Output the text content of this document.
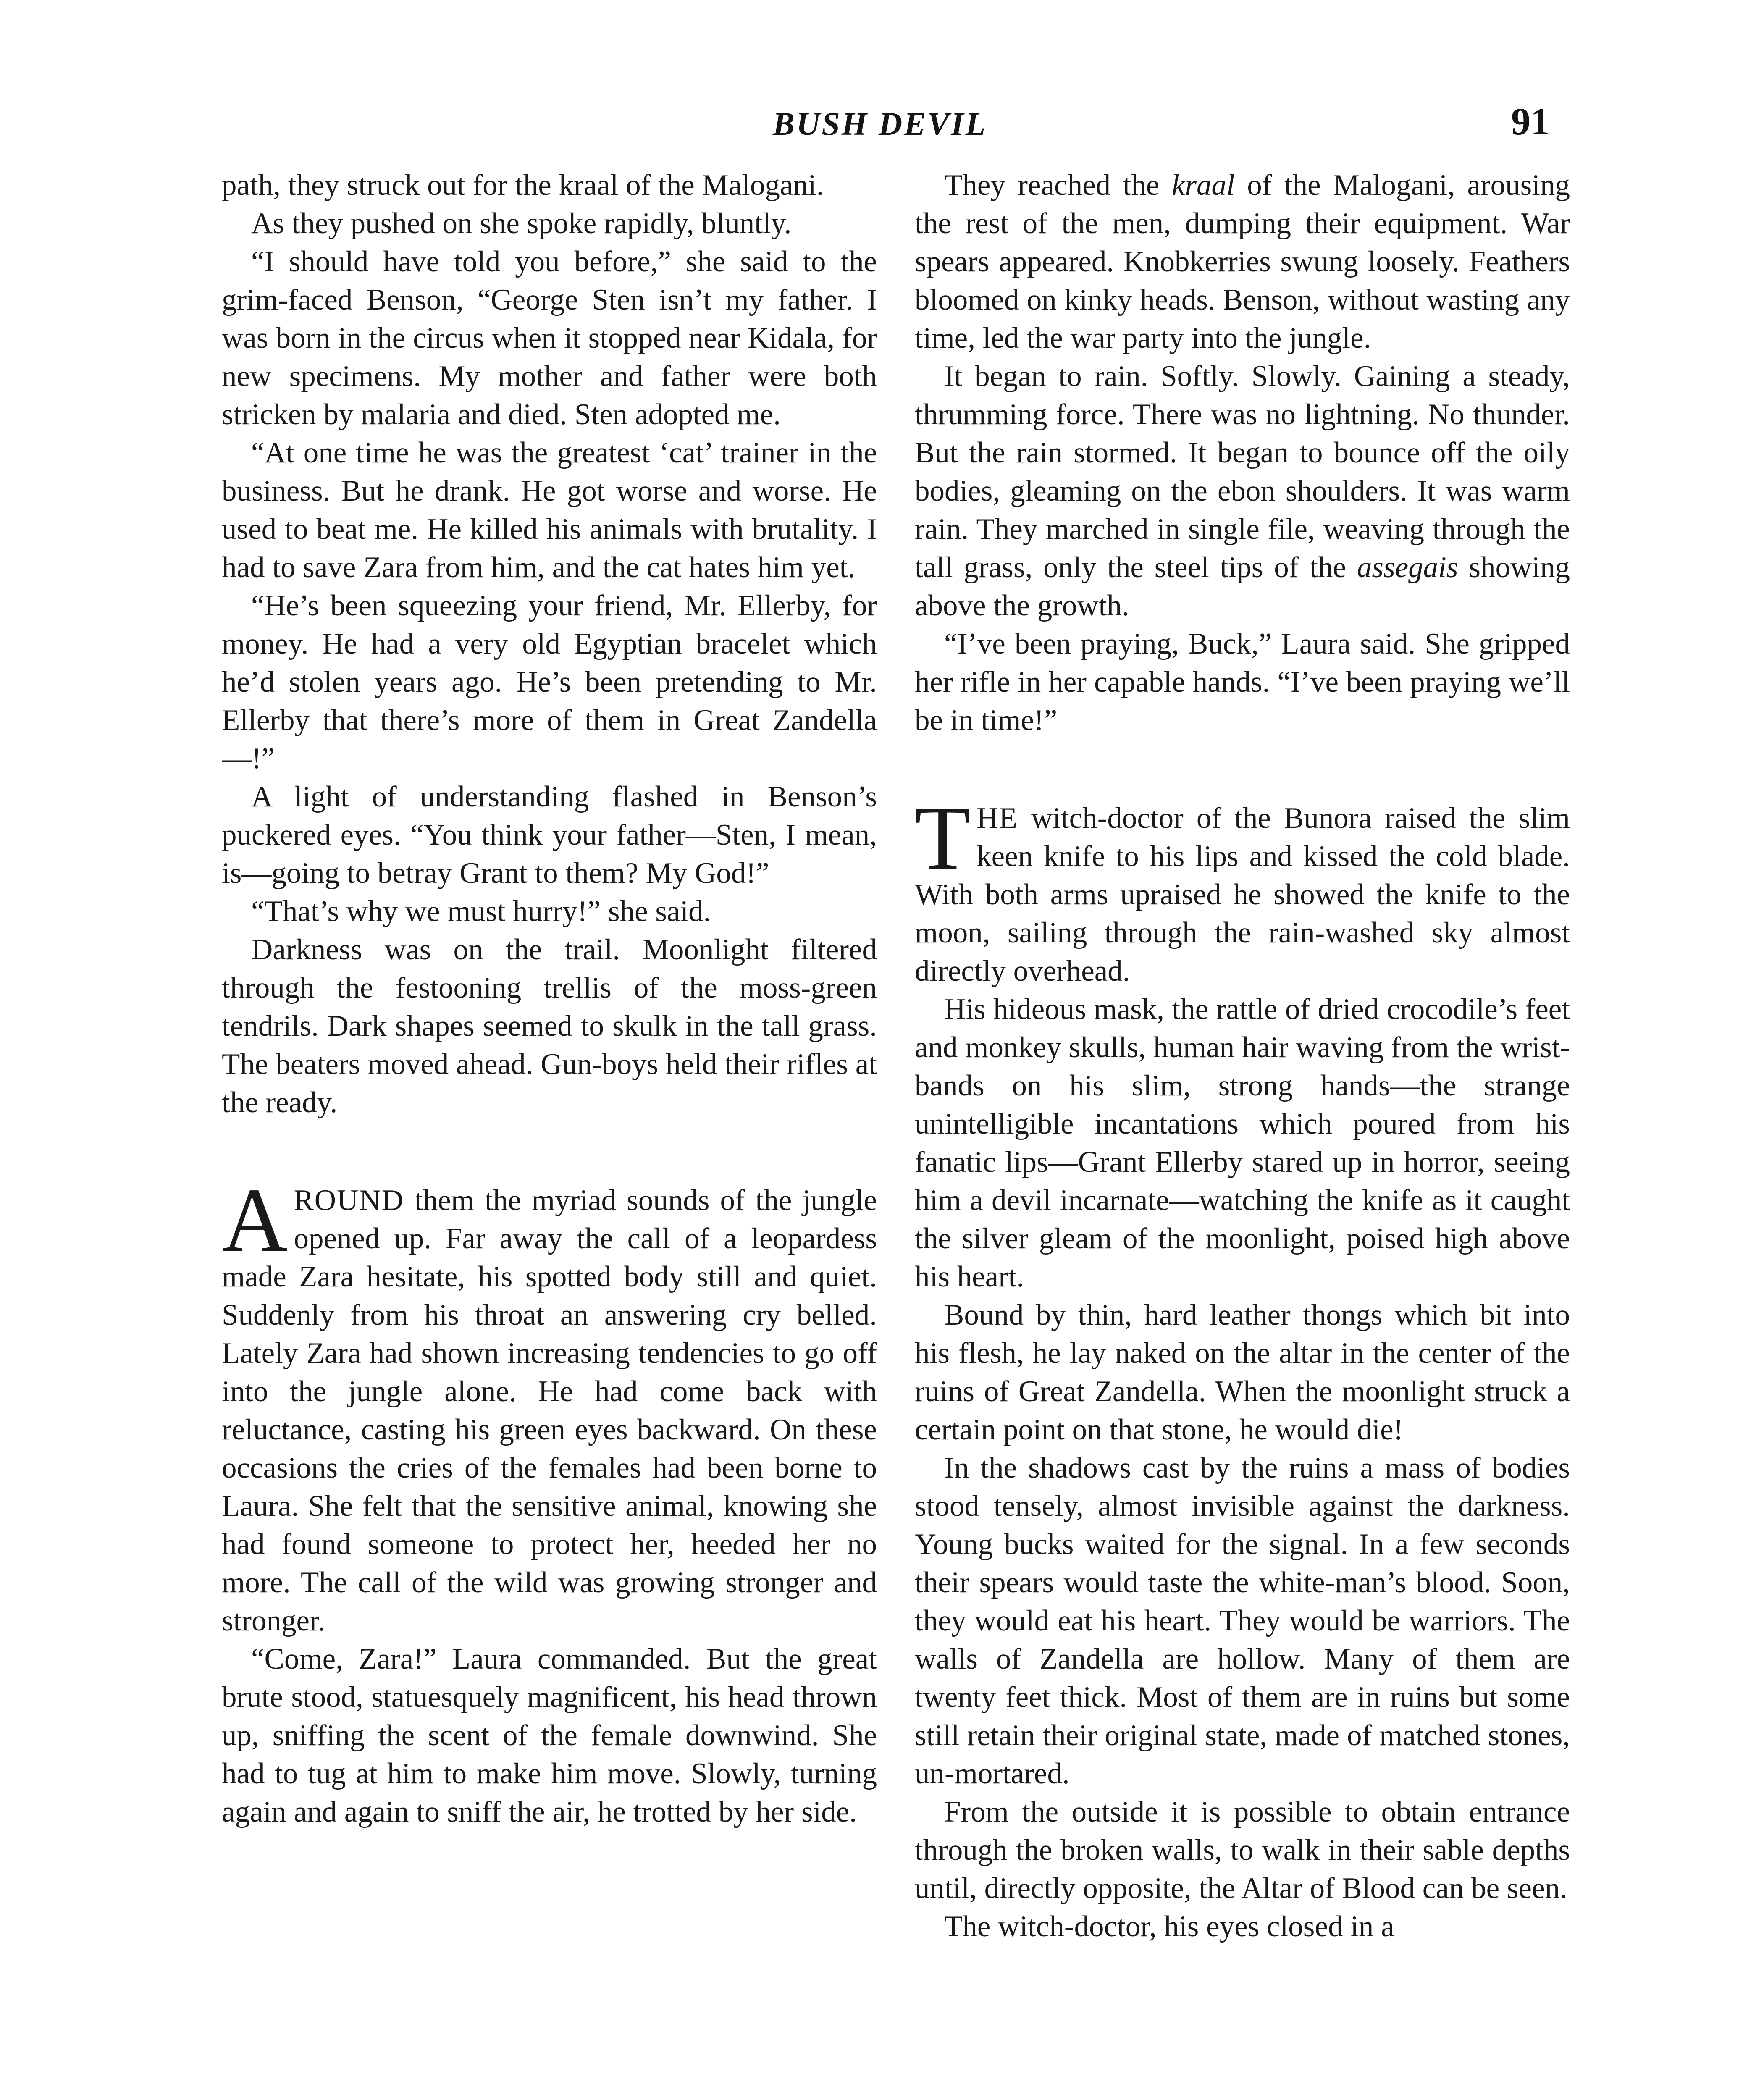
BUSH DEVIL	91

path, they struck out for the kraal of the Malogani.

As they pushed on she spoke rapidly, bluntly.

“I should have told you before,” she said to the grim-faced Benson, “George Sten isn’t my father. I was born in the circus when it stopped near Kidala, for new specimens. My mother and father were both stricken by malaria and died. Sten adopted me.

“At one time he was the greatest ‘cat’ trainer in the business. But he drank. He got worse and worse. He used to beat me. He killed his animals with brutality. I had to save Zara from him, and the cat hates him yet.

“He’s been squeezing your friend, Mr. Ellerby, for money. He had a very old Egyptian bracelet which he’d stolen years ago. He’s been pretending to Mr. Ellerby that there’s more of them in Great Zandella—!”

A light of understanding flashed in Benson’s puckered eyes. “You think your father—Sten, I mean, is—going to betray Grant to them? My God!”

“That’s why we must hurry!” she said.

Darkness was on the trail. Moonlight filtered through the festooning trellis of the moss-green tendrils. Dark shapes seemed to skulk in the tall grass. The beaters moved ahead. Gun-boys held their rifles at the ready.

AROUND them the myriad sounds of the jungle opened up. Far away the call of a leopardess made Zara hesitate, his spotted body still and quiet. Suddenly from his throat an answering cry belled. Lately Zara had shown increasing tendencies to go off into the jungle alone. He had come back with reluctance, casting his green eyes backward. On these occasions the cries of the females had been borne to Laura. She felt that the sensitive animal, knowing she had found someone to protect her, heeded her no more. The call of the wild was growing stronger and stronger.

“Come, Zara!” Laura commanded. But the great brute stood, statuesquely magnificent, his head thrown up, sniffing the scent of the female downwind. She had to tug at him to make him move. Slowly, turning again and again to sniff the air, he trotted by her side.

They reached the kraal of the Malogani, arousing the rest of the men, dumping their equipment. War spears appeared. Knobkerries swung loosely. Feathers bloomed on kinky heads. Benson, without wasting any time, led the war party into the jungle.

It began to rain. Softly. Slowly. Gaining a steady, thrumming force. There was no lightning. No thunder. But the rain stormed. It began to bounce off the oily bodies, gleaming on the ebon shoulders. It was warm rain. They marched in single file, weaving through the tall grass, only the steel tips of the assegais showing above the growth.

“I’ve been praying, Buck,” Laura said. She gripped her rifle in her capable hands. “I’ve been praying we’ll be in time!”

THE witch-doctor of the Bunora raised the slim keen knife to his lips and kissed the cold blade. With both arms upraised he showed the knife to the moon, sailing through the rain-washed sky almost directly overhead.

His hideous mask, the rattle of dried crocodile’s feet and monkey skulls, human hair waving from the wrist-bands on his slim, strong hands—the strange unintelligible incantations which poured from his fanatic lips—Grant Ellerby stared up in horror, seeing him a devil incarnate—watching the knife as it caught the silver gleam of the moonlight, poised high above his heart.

Bound by thin, hard leather thongs which bit into his flesh, he lay naked on the altar in the center of the ruins of Great Zandella. When the moonlight struck a certain point on that stone, he would die!

In the shadows cast by the ruins a mass of bodies stood tensely, almost invisible against the darkness. Young bucks waited for the signal. In a few seconds their spears would taste the white-man’s blood. Soon, they would eat his heart. They would be warriors. The walls of Zandella are hollow. Many of them are twenty feet thick. Most of them are in ruins but some still retain their original state, made of matched stones, un-mortared.

From the outside it is possible to obtain entrance through the broken walls, to walk in their sable depths until, directly opposite, the Altar of Blood can be seen.

The witch-doctor, his eyes closed in a
